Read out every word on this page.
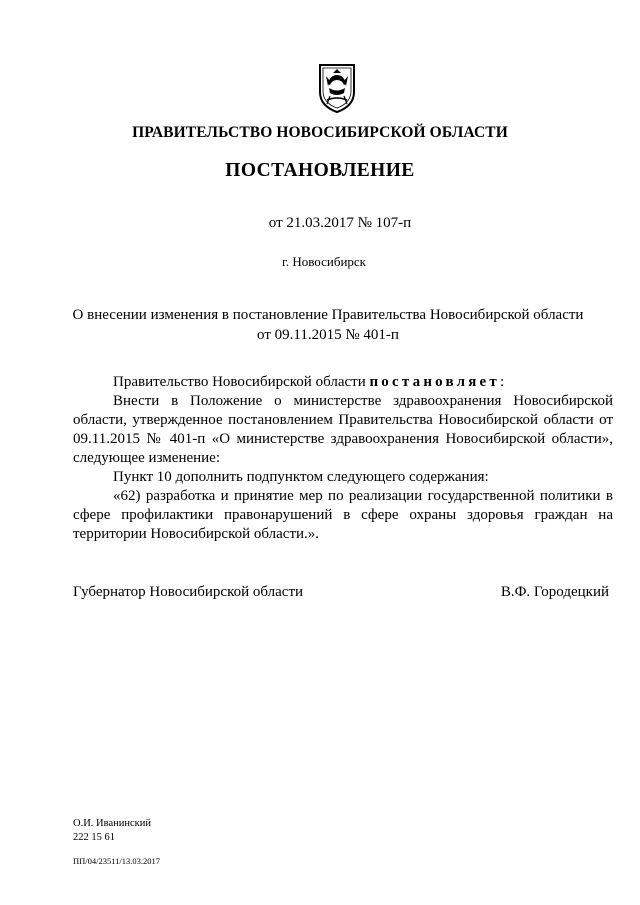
ПРАВИТЕЛЬСТВО НОВОСИБИРСКОЙ ОБЛАСТИ
ПОСТАНОВЛЕНИЕ
от 21.03.2017 № 107-п
г. Новосибирск
О внесении изменения в постановление Правительства Новосибирской области
от 09.11.2015 № 401-п

Правительство Новосибирской области постановляет:

Внести в Положение о министерстве здравоохранения Новосибирской области, утвержденное постановлением Правительства Новосибирской области от 09.11.2015 № 401-п «О министерстве здравоохранения Новосибирской области», следующее изменение:

Пункт 10 дополнить подпунктом следующего содержания:

«62) разработка и принятие мер по реализации государственной политики в сфере профилактики правонарушений в сфере охраны здоровья граждан на территории Новосибирской области.».

Губернатор Новосибирской области	В.Ф. Городецкий
О.И. Иванинский
222 15 61
ПП/04/23511/13.03.2017
